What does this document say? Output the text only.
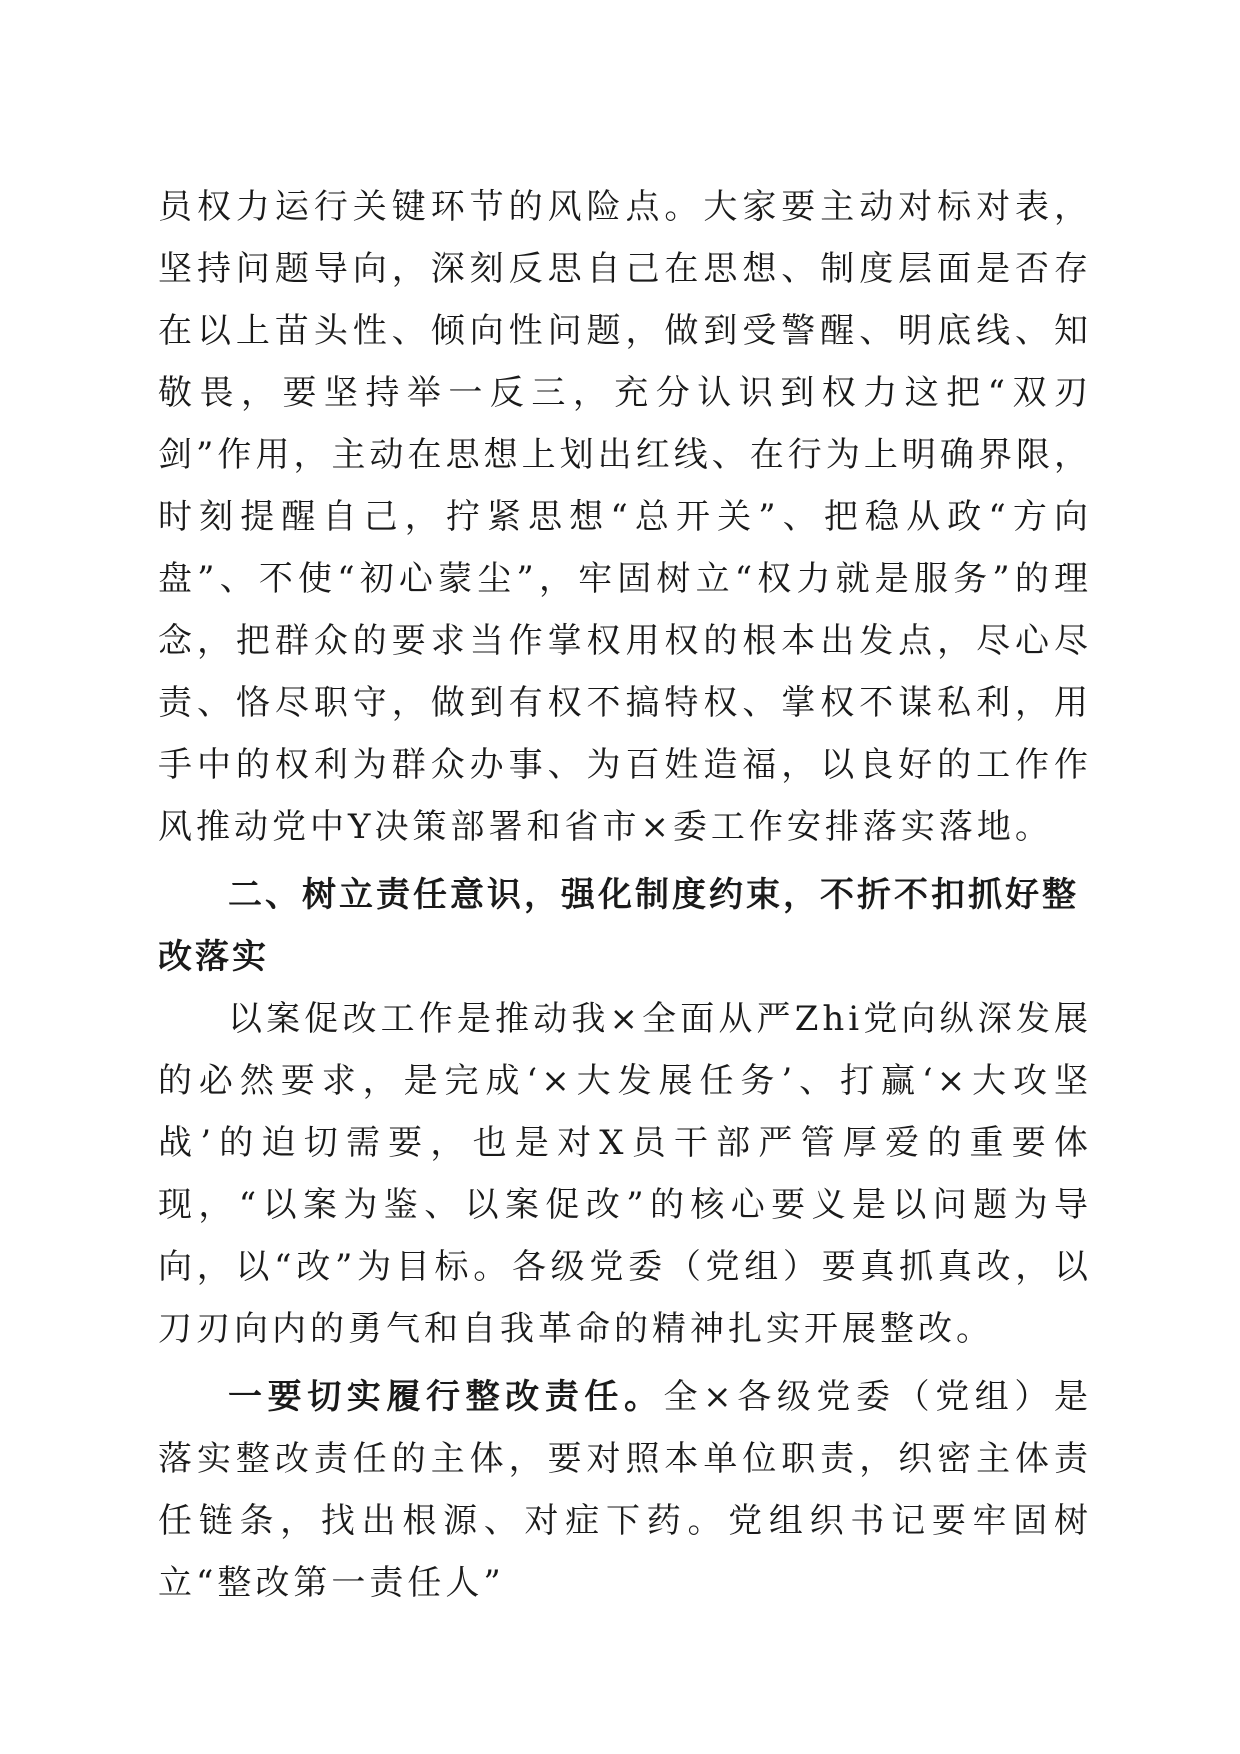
员权力运行关键环节的风险点。大家要主动对标对表，坚持问题导向，深刻反思自己在思想、制度层面是否存在以上苗头性、倾向性问题，做到受警醒、明底线、知敬畏，要坚持举一反三，充分认识到权力这把“双刃剑”作用，主动在思想上划出红线、在行为上明确界限，时刻提醒自己，拧紧思想“总开关”、把稳从政“方向盘”、不使“初心蒙尘”，牢固树立“权力就是服务”的理念，把群众的要求当作掌权用权的根本出发点，尽心尽责、恪尽职守，做到有权不搞特权、掌权不谋私利，用手中的权利为群众办事、为百姓造福，以良好的工作作风推动党中Y决策部署和省市×委工作安排落实落地。

二、树立责任意识，强化制度约束，不折不扣抓好整改落实

以案促改工作是推动我×全面从严Zhi党向纵深发展的必然要求，是完成‘×大发展任务’、打赢‘×大攻坚战’的迫切需要，也是对X员干部严管厚爱的重要体现，“以案为鉴、以案促改”的核心要义是以问题为导向，以“改”为目标。各级党委（党组）要真抓真改，以刀刃向内的勇气和自我革命的精神扎实开展整改。

一要切实履行整改责任。全×各级党委（党组）是落实整改责任的主体，要对照本单位职责，织密主体责任链条，找出根源、对症下药。党组织书记要牢固树立“整改第一责任人”
